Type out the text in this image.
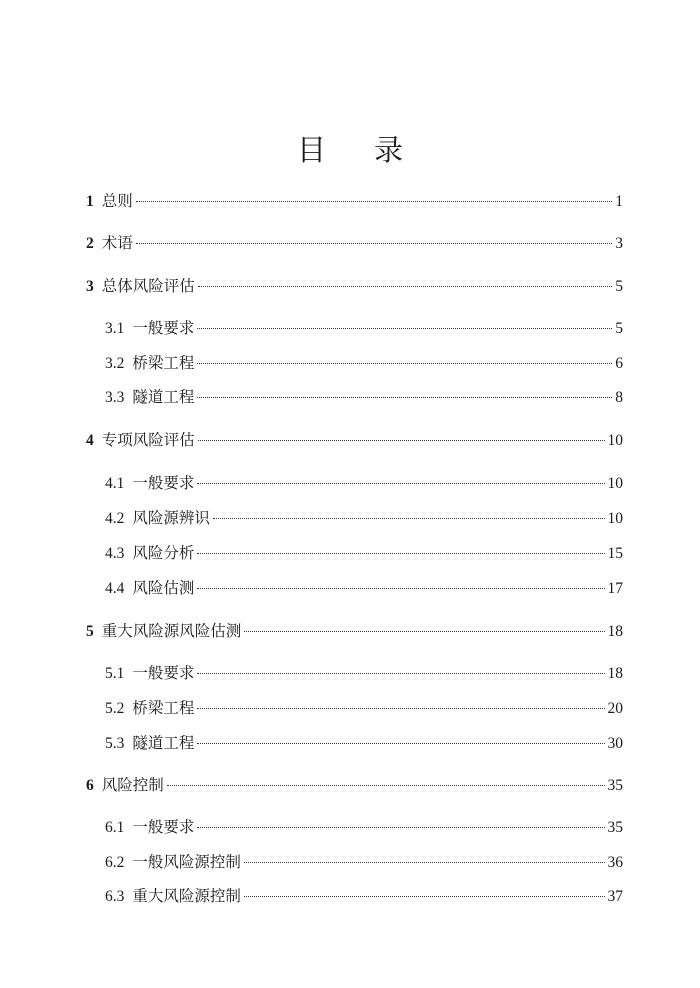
目 录
1 总则	1
2 术语	3
3 总体风险评估	5
3.1 一般要求	5
3.2 桥梁工程	6
3.3 隧道工程	8
4 专项风险评估	10
4.1 一般要求	10
4.2 风险源辨识	10
4.3 风险分析	15
4.4 风险估测	17
5 重大风险源风险估测	18
5.1 一般要求	18
5.2 桥梁工程	20
5.3 隧道工程	30
6 风险控制	35
6.1 一般要求	35
6.2 一般风险源控制	36
6.3 重大风险源控制	37
